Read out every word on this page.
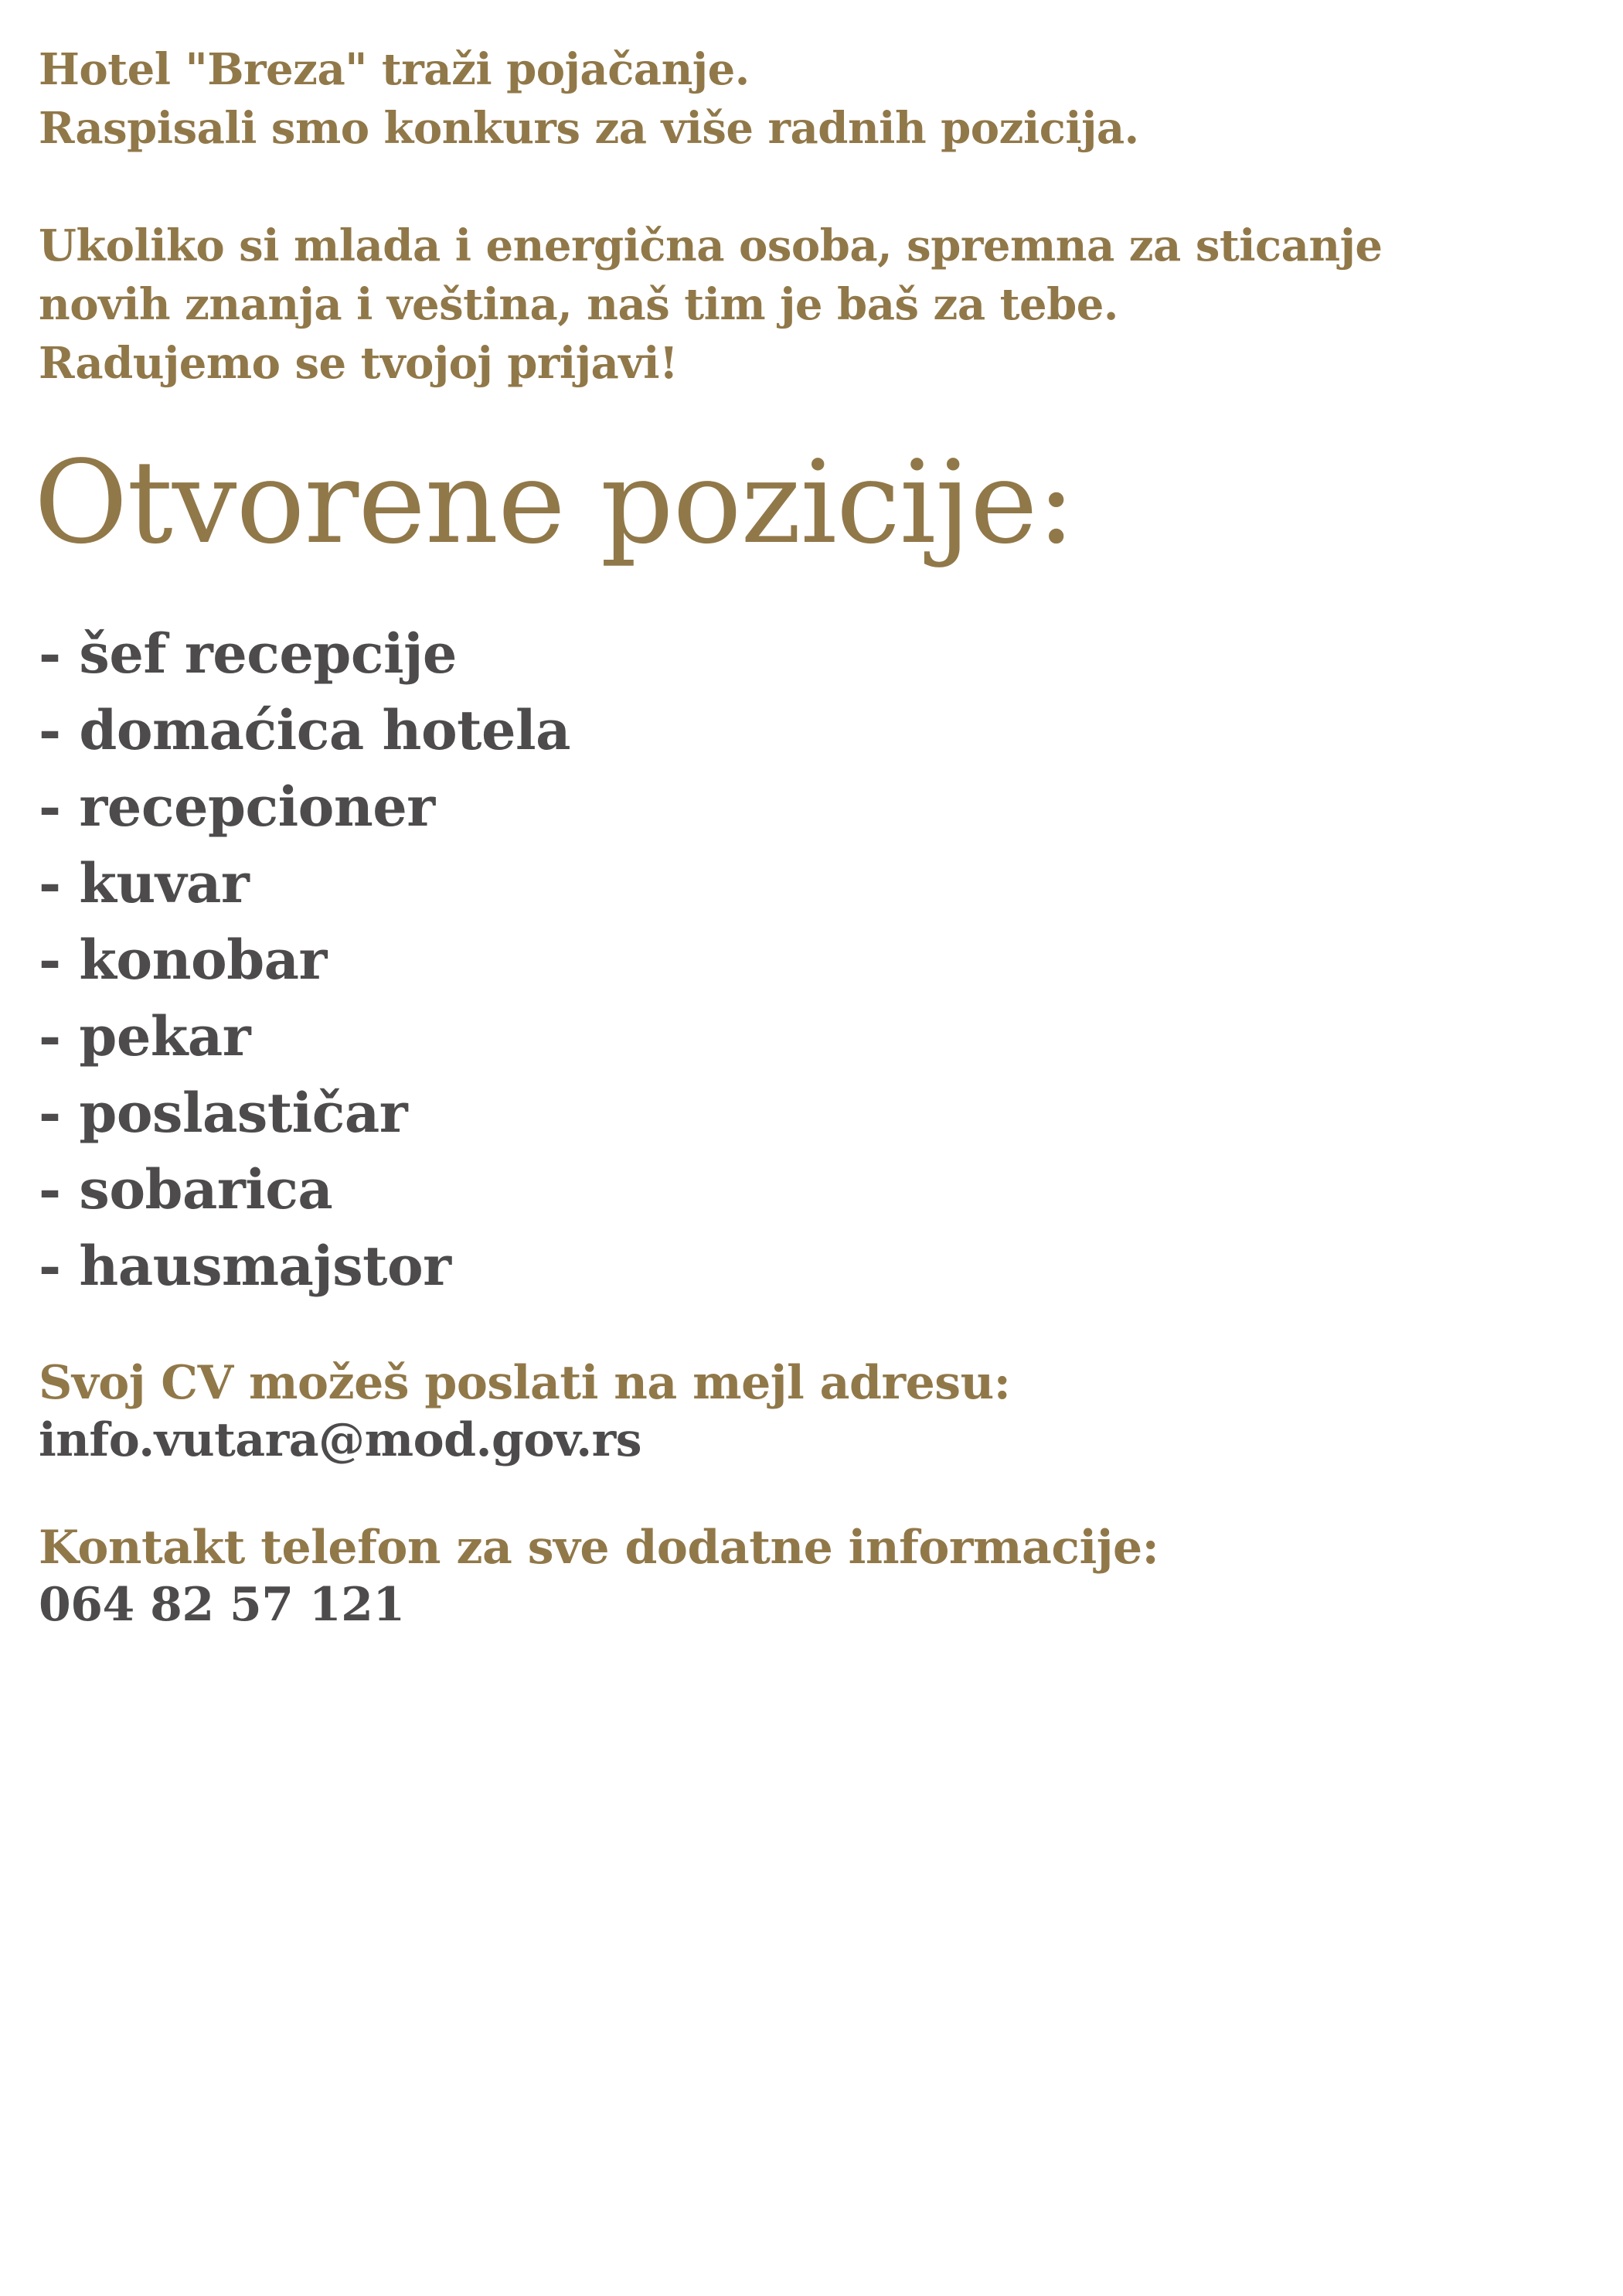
Hotel "Breza" traži pojačanje.
Raspisali smo konkurs za više radnih pozicija.
Ukoliko si mlada i energična osoba, spremna za sticanje
novih znanja i veština, naš tim je baš za tebe.
Radujemo se tvojoj prijavi!
Otvorene pozicije:
- šef recepcije
- domaćica hotela
- recepcioner
- kuvar
- konobar
- pekar
- poslastičar
- sobarica
- hausmajstor
Svoj CV možeš poslati na mejl adresu:
info.vutara@mod.gov.rs
Kontakt telefon za sve dodatne informacije:
064 82 57 121
